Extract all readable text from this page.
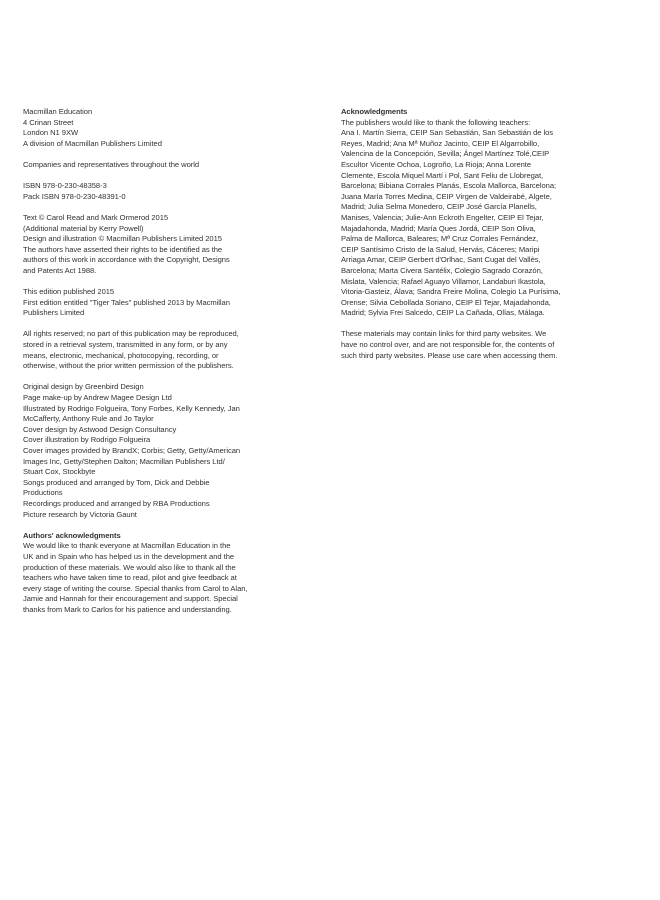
Macmillan Education
4 Crinan Street
London N1 9XW
A division of Macmillan Publishers Limited
Companies and representatives throughout the world
ISBN 978-0-230-48358-3
Pack ISBN 978-0-230-48391-0
Text © Carol Read and Mark Ormerod 2015
(Additional material by Kerry Powell)
Design and illustration © Macmillan Publishers Limited 2015
The authors have asserted their rights to be identified as the
authors of this work in accordance with the Copyright, Designs
and Patents Act 1988.
This edition published 2015
First edition entitled "Tiger Tales" published 2013 by Macmillan
Publishers Limited
All rights reserved; no part of this publication may be reproduced,
stored in a retrieval system, transmitted in any form, or by any
means, electronic, mechanical, photocopying, recording, or
otherwise, without the prior written permission of the publishers.
Original design by Greenbird Design
Page make-up by Andrew Magee Design Ltd
Illustrated by Rodrigo Folgueira, Tony Forbes, Kelly Kennedy, Jan
McCafferty, Anthony Rule and Jo Taylor
Cover design by Astwood Design Consultancy
Cover illustration by Rodrigo Folgueira
Cover images provided by BrandX; Corbis; Getty, Getty/American
Images Inc, Getty/Stephen Dalton; Macmillan Publishers Ltd/
Stuart Cox, Stockbyte
Songs produced and arranged by Tom, Dick and Debbie
Productions
Recordings produced and arranged by RBA Productions
Picture research by Victoria Gaunt
Authors' acknowledgments
We would like to thank everyone at Macmillan Education in the
UK and in Spain who has helped us in the development and the
production of these materials. We would also like to thank all the
teachers who have taken time to read, pilot and give feedback at
every stage of writing the course. Special thanks from Carol to Alan,
Jamie and Hannah for their encouragement and support. Special
thanks from Mark to Carlos for his patience and understanding.
Acknowledgments
The publishers would like to thank the following teachers:
Ana I. Martín Sierra, CEIP San Sebastián, San Sebastián de los
Reyes, Madrid; Ana Mª Muñoz Jacinto, CEIP El Algarrobillo,
Valencina de la Concepción, Sevilla; Ángel Martínez Tolé,CEIP
Escultor Vicente Ochoa, Logroño, La Rioja; Anna Lorente
Clemente, Escola Miquel Martí i Pol, Sant Feliu de Llobregat,
Barcelona; Bibiana Corrales Planás, Escola Mallorca, Barcelona;
Juana María Torres Medina, CEIP Virgen de Valdeirabé, Algete,
Madrid; Julia Selma Monedero, CEIP José García Planells,
Manises, Valencia; Julie-Ann Eckroth Engelter, CEIP El Tejar,
Majadahonda, Madrid; María Ques Jordá, CEIP Son Oliva,
Palma de Mallorca, Baleares; Mª Cruz Corrales Fernández,
CEIP Santísimo Cristo de la Salud, Hervás, Cáceres; Maripi
Arriaga Amar, CEIP Gerbert d'Orlhac, Sant Cugat del Vallès,
Barcelona; Marta Civera Santélix, Colegio Sagrado Corazón,
Mislata, Valencia; Rafael Aguayo Villamor, Landaburi Ikastola,
Vitoria-Gasteiz, Álava; Sandra Freire Molina, Colegio La Purísima,
Orense; Silvia Cebollada Soriano, CEIP El Tejar, Majadahonda,
Madrid; Sylvia Frei Salcedo, CEIP La Cañada, Olías, Málaga.
These materials may contain links for third party websites. We
have no control over, and are not responsible for, the contents of
such third party websites. Please use care when accessing them.
